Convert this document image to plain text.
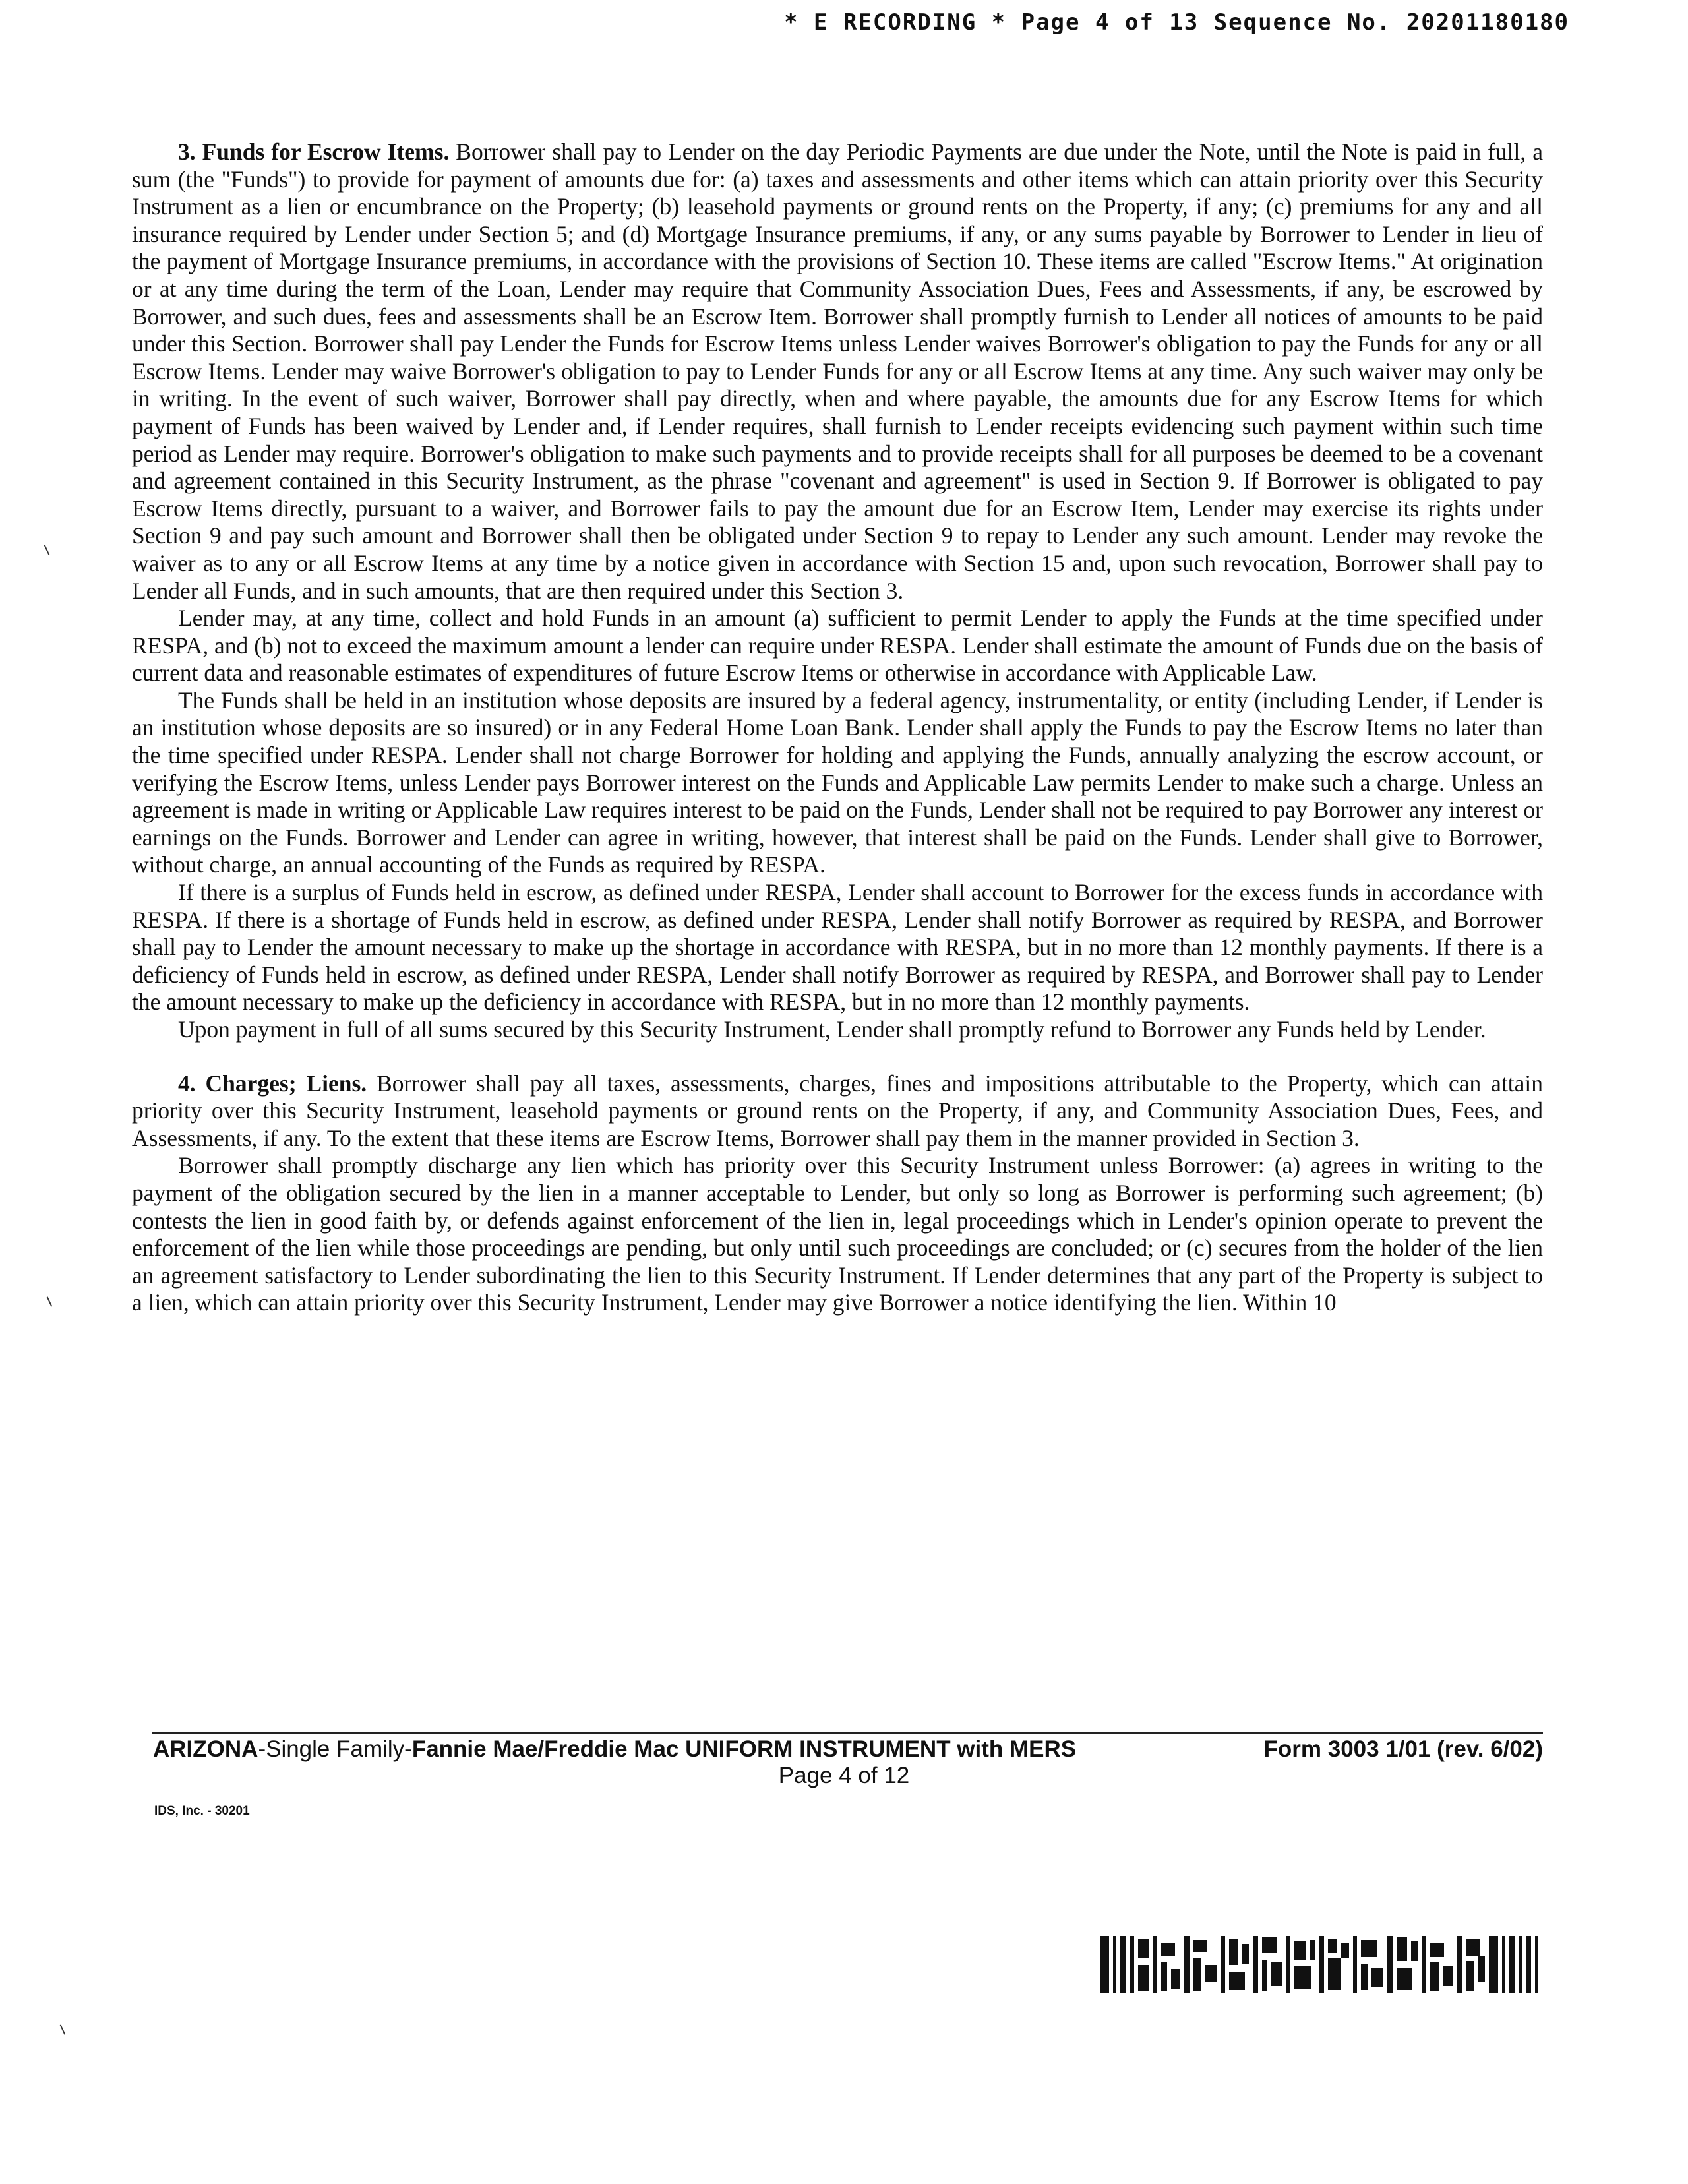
* E RECORDING * Page 4 of 13 Sequence No. 20201180180

3. Funds for Escrow Items. Borrower shall pay to Lender on the day Periodic Payments are due under the Note, until the Note is paid in full, a sum (the "Funds") to provide for payment of amounts due for: (a) taxes and assessments and other items which can attain priority over this Security Instrument as a lien or encumbrance on the Property; (b) leasehold payments or ground rents on the Property, if any; (c) premiums for any and all insurance required by Lender under Section 5; and (d) Mortgage Insurance premiums, if any, or any sums payable by Borrower to Lender in lieu of the payment of Mortgage Insurance premiums, in accordance with the provisions of Section 10. These items are called "Escrow Items." At origination or at any time during the term of the Loan, Lender may require that Community Association Dues, Fees and Assessments, if any, be escrowed by Borrower, and such dues, fees and assessments shall be an Escrow Item. Borrower shall promptly furnish to Lender all notices of amounts to be paid under this Section. Borrower shall pay Lender the Funds for Escrow Items unless Lender waives Borrower's obligation to pay the Funds for any or all Escrow Items. Lender may waive Borrower's obligation to pay to Lender Funds for any or all Escrow Items at any time. Any such waiver may only be in writing. In the event of such waiver, Borrower shall pay directly, when and where payable, the amounts due for any Escrow Items for which payment of Funds has been waived by Lender and, if Lender requires, shall furnish to Lender receipts evidencing such payment within such time period as Lender may require. Borrower's obligation to make such payments and to provide receipts shall for all purposes be deemed to be a covenant and agreement contained in this Security Instrument, as the phrase "covenant and agreement" is used in Section 9. If Borrower is obligated to pay Escrow Items directly, pursuant to a waiver, and Borrower fails to pay the amount due for an Escrow Item, Lender may exercise its rights under Section 9 and pay such amount and Borrower shall then be obligated under Section 9 to repay to Lender any such amount. Lender may revoke the waiver as to any or all Escrow Items at any time by a notice given in accordance with Section 15 and, upon such revocation, Borrower shall pay to Lender all Funds, and in such amounts, that are then required under this Section 3.

Lender may, at any time, collect and hold Funds in an amount (a) sufficient to permit Lender to apply the Funds at the time specified under RESPA, and (b) not to exceed the maximum amount a lender can require under RESPA. Lender shall estimate the amount of Funds due on the basis of current data and reasonable estimates of expenditures of future Escrow Items or otherwise in accordance with Applicable Law.

The Funds shall be held in an institution whose deposits are insured by a federal agency, instrumentality, or entity (including Lender, if Lender is an institution whose deposits are so insured) or in any Federal Home Loan Bank. Lender shall apply the Funds to pay the Escrow Items no later than the time specified under RESPA. Lender shall not charge Borrower for holding and applying the Funds, annually analyzing the escrow account, or verifying the Escrow Items, unless Lender pays Borrower interest on the Funds and Applicable Law permits Lender to make such a charge. Unless an agreement is made in writing or Applicable Law requires interest to be paid on the Funds, Lender shall not be required to pay Borrower any interest or earnings on the Funds. Borrower and Lender can agree in writing, however, that interest shall be paid on the Funds. Lender shall give to Borrower, without charge, an annual accounting of the Funds as required by RESPA.

If there is a surplus of Funds held in escrow, as defined under RESPA, Lender shall account to Borrower for the excess funds in accordance with RESPA. If there is a shortage of Funds held in escrow, as defined under RESPA, Lender shall notify Borrower as required by RESPA, and Borrower shall pay to Lender the amount necessary to make up the shortage in accordance with RESPA, but in no more than 12 monthly payments. If there is a deficiency of Funds held in escrow, as defined under RESPA, Lender shall notify Borrower as required by RESPA, and Borrower shall pay to Lender the amount necessary to make up the deficiency in accordance with RESPA, but in no more than 12 monthly payments.

Upon payment in full of all sums secured by this Security Instrument, Lender shall promptly refund to Borrower any Funds held by Lender.

4. Charges; Liens. Borrower shall pay all taxes, assessments, charges, fines and impositions attributable to the Property, which can attain priority over this Security Instrument, leasehold payments or ground rents on the Property, if any, and Community Association Dues, Fees, and Assessments, if any. To the extent that these items are Escrow Items, Borrower shall pay them in the manner provided in Section 3.

Borrower shall promptly discharge any lien which has priority over this Security Instrument unless Borrower: (a) agrees in writing to the payment of the obligation secured by the lien in a manner acceptable to Lender, but only so long as Borrower is performing such agreement; (b) contests the lien in good faith by, or defends against enforcement of the lien in, legal proceedings which in Lender's opinion operate to prevent the enforcement of the lien while those proceedings are pending, but only until such proceedings are concluded; or (c) secures from the holder of the lien an agreement satisfactory to Lender subordinating the lien to this Security Instrument. If Lender determines that any part of the Property is subject to a lien, which can attain priority over this Security Instrument, Lender may give Borrower a notice identifying the lien. Within 10

ARIZONA-Single Family-Fannie Mae/Freddie Mac UNIFORM INSTRUMENT with MERS	Form 3003 1/01 (rev. 6/02)
Page 4 of 12
IDS, Inc. - 30201
